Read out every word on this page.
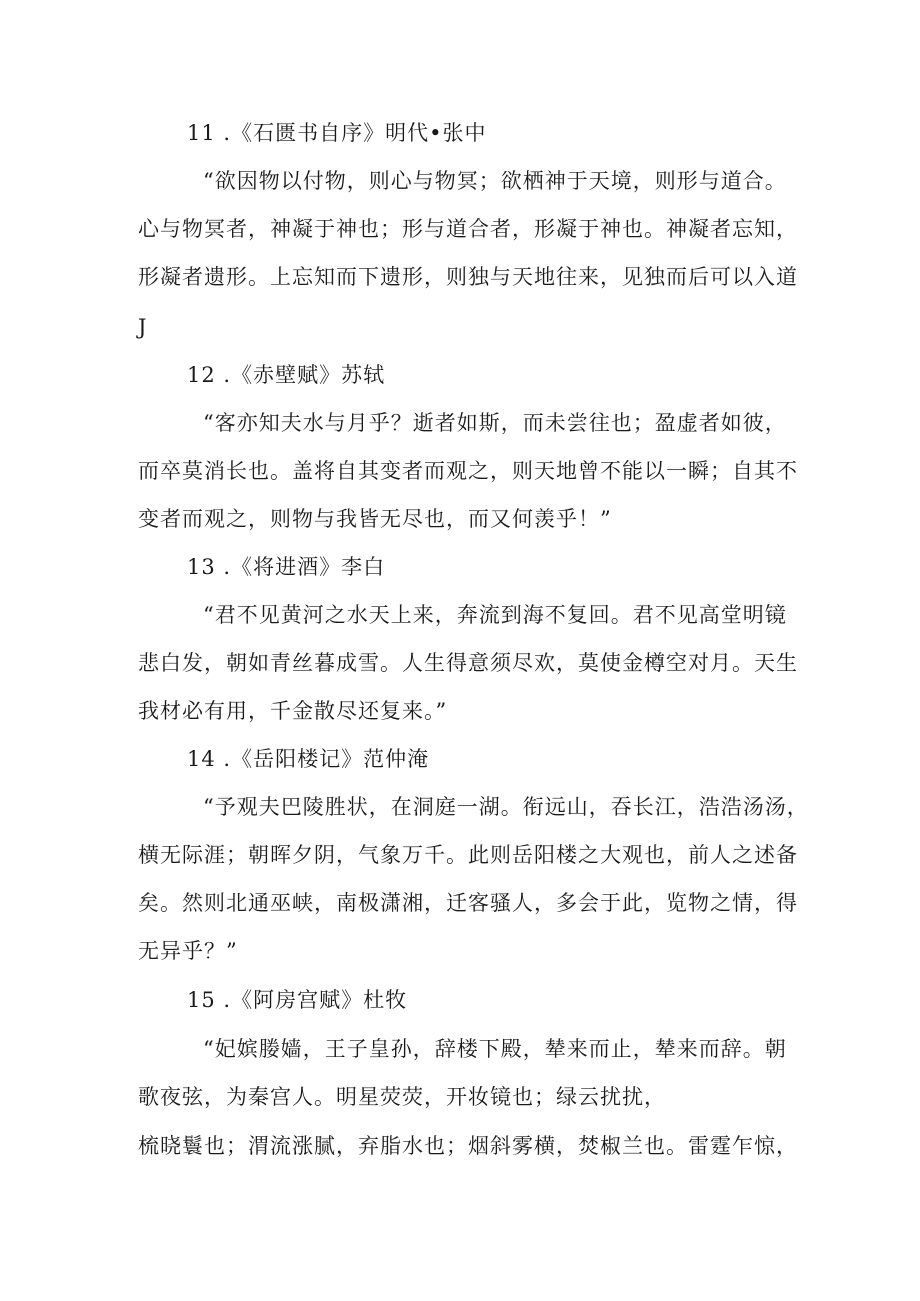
11 .《石匮书自序》明代•张中
“欲因物以付物，则心与物冥；欲栖神于天境，则形与道合。
心与物冥者，神凝于神也；形与道合者，形凝于神也。神凝者忘知，
形凝者遗形。上忘知而下遗形，则独与天地往来，见独而后可以入道
J
12 .《赤壁赋》苏轼
“客亦知夫水与月乎？逝者如斯，而未尝往也；盈虚者如彼，
而卒莫消长也。盖将自其变者而观之，则天地曾不能以一瞬；自其不
变者而观之，则物与我皆无尽也，而又何羡乎！”
13 .《将进酒》李白
“君不见黄河之水天上来，奔流到海不复回。君不见高堂明镜
悲白发，朝如青丝暮成雪。人生得意须尽欢，莫使金樽空对月。天生
我材必有用，千金散尽还复来。”
14 .《岳阳楼记》范仲淹
“予观夫巴陵胜状，在洞庭一湖。衔远山，吞长江，浩浩汤汤，
横无际涯；朝晖夕阴，气象万千。此则岳阳楼之大观也，前人之述备
矣。然则北通巫峡，南极潇湘，迁客骚人，多会于此，览物之情，得
无异乎？”
15 .《阿房宫赋》杜牧
“妃嫔媵嫱，王子皇孙，辞楼下殿，辇来而止，辇来而辞。朝
歌夜弦，为秦宫人。明星荧荧，开妆镜也；绿云扰扰，
梳晓鬟也；渭流涨腻，弃脂水也；烟斜雾横，焚椒兰也。雷霆乍惊，
